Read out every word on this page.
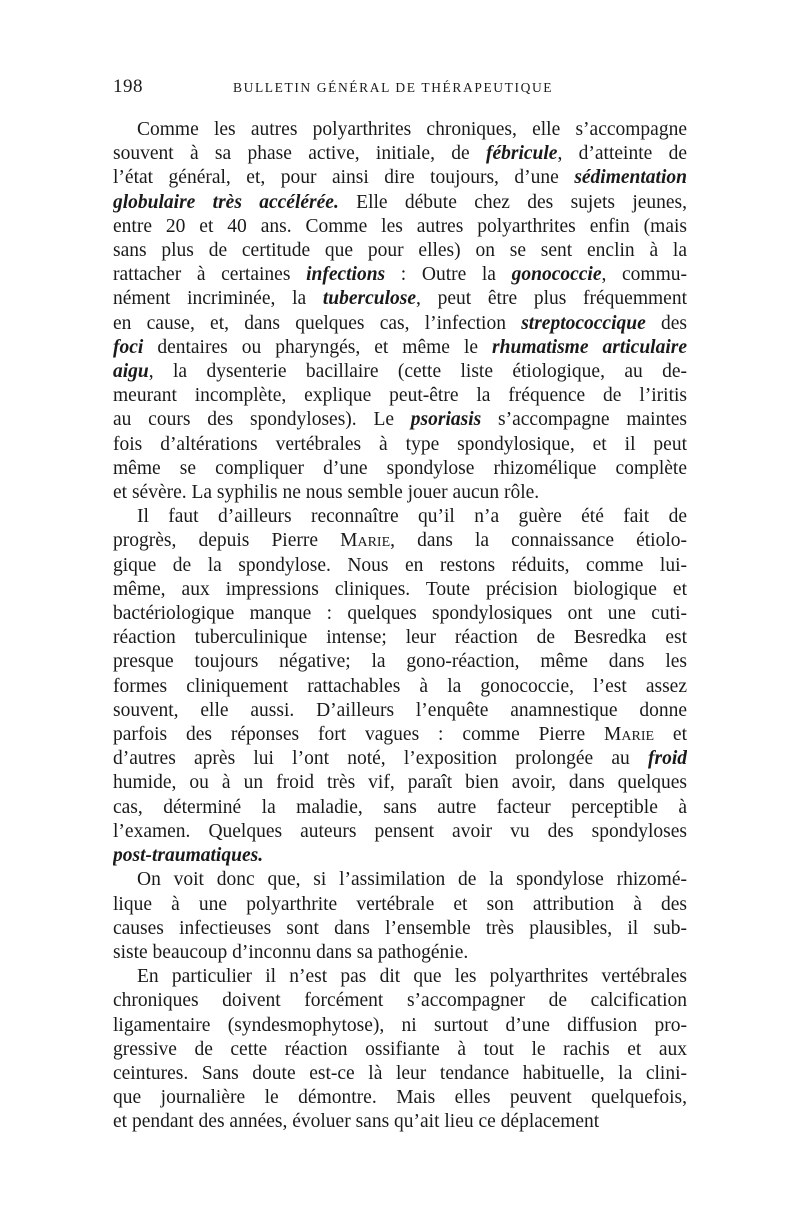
198	BULLETIN GÉNÉRAL DE THÉRAPEUTIQUE
Comme les autres polyarthrites chroniques, elle s’accompagne
souvent à sa phase active, initiale, de fébricule, d’atteinte de
l’état général, et, pour ainsi dire toujours, d’une sédimentation
globulaire très accélérée. Elle débute chez des sujets jeunes,
entre 20 et 40 ans. Comme les autres polyarthrites enfin (mais
sans plus de certitude que pour elles) on se sent enclin à la
rattacher à certaines infections : Outre la gonococcie, commu-
nément incriminée, la tuberculose, peut être plus fréquemment
en cause, et, dans quelques cas, l’infection streptococcique des
foci dentaires ou pharyngés, et même le rhumatisme articulaire
aigu, la dysenterie bacillaire (cette liste étiologique, au de-
meurant incomplète, explique peut-être la fréquence de l’iritis
au cours des spondyloses). Le psoriasis s’accompagne maintes
fois d’altérations vertébrales à type spondylosique, et il peut
même se compliquer d’une spondylose rhizomélique complète
et sévère. La syphilis ne nous semble jouer aucun rôle.
Il faut d’ailleurs reconnaître qu’il n’a guère été fait de
progrès, depuis Pierre Marie, dans la connaissance étiolo-
gique de la spondylose. Nous en restons réduits, comme lui-
même, aux impressions cliniques. Toute précision biologique et
bactériologique manque : quelques spondylosiques ont une cuti-
réaction tuberculinique intense; leur réaction de Besredka est
presque toujours négative; la gono-réaction, même dans les
formes cliniquement rattachables à la gonococcie, l’est assez
souvent, elle aussi. D’ailleurs l’enquête anamnestique donne
parfois des réponses fort vagues : comme Pierre Marie et
d’autres après lui l’ont noté, l’exposition prolongée au froid
humide, ou à un froid très vif, paraît bien avoir, dans quelques
cas, déterminé la maladie, sans autre facteur perceptible à
l’examen. Quelques auteurs pensent avoir vu des spondyloses
post-traumatiques.
On voit donc que, si l’assimilation de la spondylose rhizomé-
lique à une polyarthrite vertébrale et son attribution à des
causes infectieuses sont dans l’ensemble très plausibles, il sub-
siste beaucoup d’inconnu dans sa pathogénie.
En particulier il n’est pas dit que les polyarthrites vertébrales
chroniques doivent forcément s’accompagner de calcification
ligamentaire (syndesmophytose), ni surtout d’une diffusion pro-
gressive de cette réaction ossifiante à tout le rachis et aux
ceintures. Sans doute est-ce là leur tendance habituelle, la clini-
que journalière le démontre. Mais elles peuvent quelquefois,
et pendant des années, évoluer sans qu’ait lieu ce déplacement
